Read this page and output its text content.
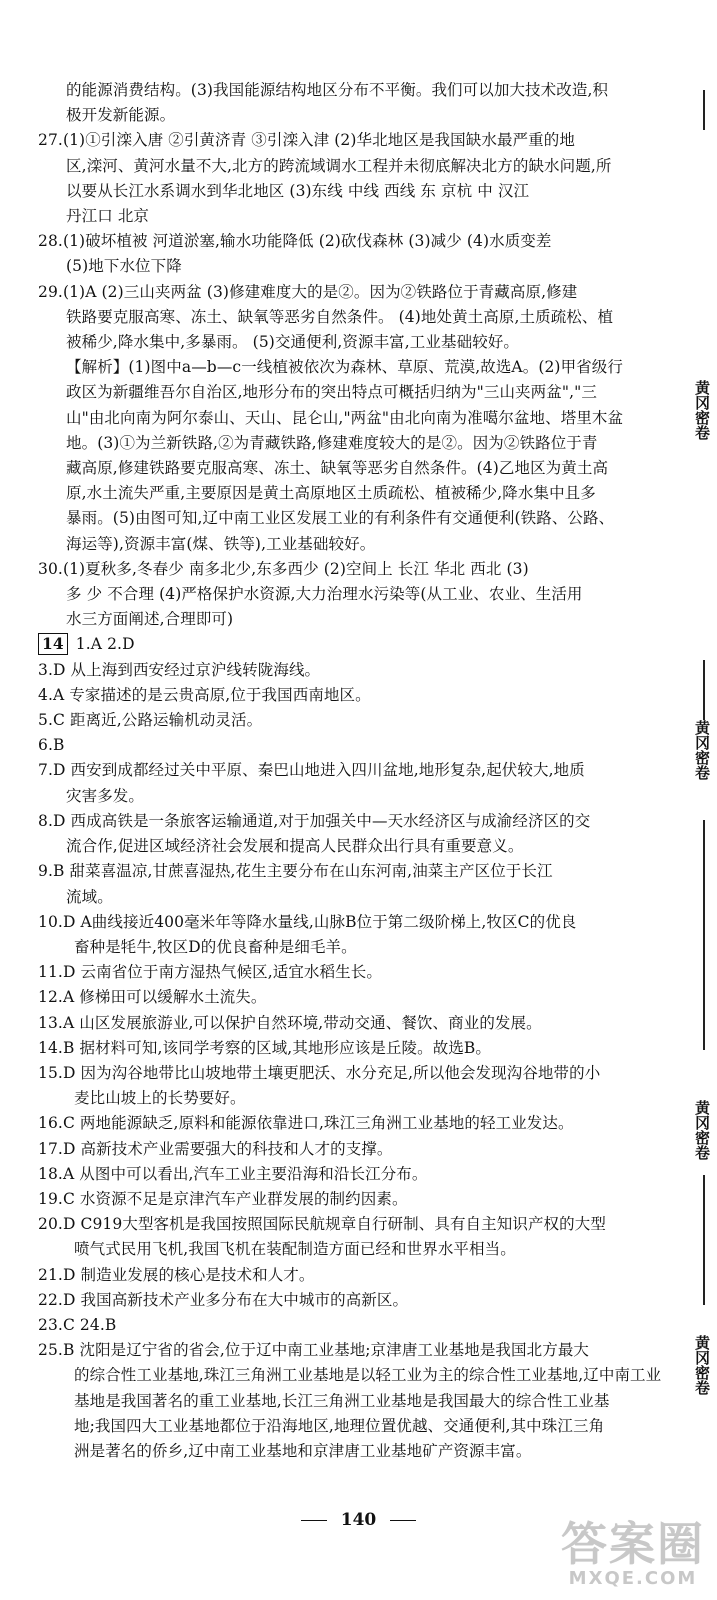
的能源消费结构。(3)我国能源结构地区分布不平衡。我们可以加大技术改造,积
极开发新能源。
27.(1)①引滦入唐 ②引黄济青 ③引滦入津 (2)华北地区是我国缺水最严重的地
区,滦河、黄河水量不大,北方的跨流域调水工程并未彻底解决北方的缺水问题,所
以要从长江水系调水到华北地区 (3)东线 中线 西线 东 京杭 中 汉江
丹江口 北京
28.(1)破坏植被 河道淤塞,输水功能降低 (2)砍伐森林 (3)减少 (4)水质变差
(5)地下水位下降
29.(1)A (2)三山夹两盆 (3)修建难度大的是②。因为②铁路位于青藏高原,修建
铁路要克服高寒、冻土、缺氧等恶劣自然条件。 (4)地处黄土高原,土质疏松、植
被稀少,降水集中,多暴雨。 (5)交通便利,资源丰富,工业基础较好。
【解析】(1)图中a—b—c一线植被依次为森林、草原、荒漠,故选A。(2)甲省级行
政区为新疆维吾尔自治区,地形分布的突出特点可概括归纳为"三山夹两盆","三
山"由北向南为阿尔泰山、天山、昆仑山,"两盆"由北向南为准噶尔盆地、塔里木盆
地。(3)①为兰新铁路,②为青藏铁路,修建难度较大的是②。因为②铁路位于青
藏高原,修建铁路要克服高寒、冻土、缺氧等恶劣自然条件。(4)乙地区为黄土高
原,水土流失严重,主要原因是黄土高原地区土质疏松、植被稀少,降水集中且多
暴雨。(5)由图可知,辽中南工业区发展工业的有利条件有交通便利(铁路、公路、
海运等),资源丰富(煤、铁等),工业基础较好。
30.(1)夏秋多,冬春少 南多北少,东多西少 (2)空间上 长江 华北 西北 (3)
多 少 不合理 (4)严格保护水资源,大力治理水污染等(从工业、农业、生活用
水三方面阐述,合理即可)
14 1.A 2.D
3.D 从上海到西安经过京沪线转陇海线。
4.A 专家描述的是云贵高原,位于我国西南地区。
5.C 距离近,公路运输机动灵活。
6.B
7.D 西安到成都经过关中平原、秦巴山地进入四川盆地,地形复杂,起伏较大,地质
灾害多发。
8.D 西成高铁是一条旅客运输通道,对于加强关中—天水经济区与成渝经济区的交
流合作,促进区域经济社会发展和提高人民群众出行具有重要意义。
9.B 甜菜喜温凉,甘蔗喜湿热,花生主要分布在山东河南,油菜主产区位于长江
流域。
10.D A曲线接近400毫米年等降水量线,山脉B位于第二级阶梯上,牧区C的优良
畜种是牦牛,牧区D的优良畜种是细毛羊。
11.D 云南省位于南方湿热气候区,适宜水稻生长。
12.A 修梯田可以缓解水土流失。
13.A 山区发展旅游业,可以保护自然环境,带动交通、餐饮、商业的发展。
14.B 据材料可知,该同学考察的区域,其地形应该是丘陵。故选B。
15.D 因为沟谷地带比山坡地带土壤更肥沃、水分充足,所以他会发现沟谷地带的小
麦比山坡上的长势要好。
16.C 两地能源缺乏,原料和能源依靠进口,珠江三角洲工业基地的轻工业发达。
17.D 高新技术产业需要强大的科技和人才的支撑。
18.A 从图中可以看出,汽车工业主要沿海和沿长江分布。
19.C 水资源不足是京津汽车产业群发展的制约因素。
20.D C919大型客机是我国按照国际民航规章自行研制、具有自主知识产权的大型
喷气式民用飞机,我国飞机在装配制造方面已经和世界水平相当。
21.D 制造业发展的核心是技术和人才。
22.D 我国高新技术产业多分布在大中城市的高新区。
23.C 24.B
25.B 沈阳是辽宁省的省会,位于辽中南工业基地;京津唐工业基地是我国北方最大
的综合性工业基地,珠江三角洲工业基地是以轻工业为主的综合性工业基地,辽中南工业
基地是我国著名的重工业基地,长江三角洲工业基地是我国最大的综合性工业基
地;我国四大工业基地都位于沿海地区,地理位置优越、交通便利,其中珠江三角
洲是著名的侨乡,辽中南工业基地和京津唐工业基地矿产资源丰富。
140
黄冈密卷
黄冈密卷
黄冈密卷
黄冈密卷
答案圈
MXQE.COM
